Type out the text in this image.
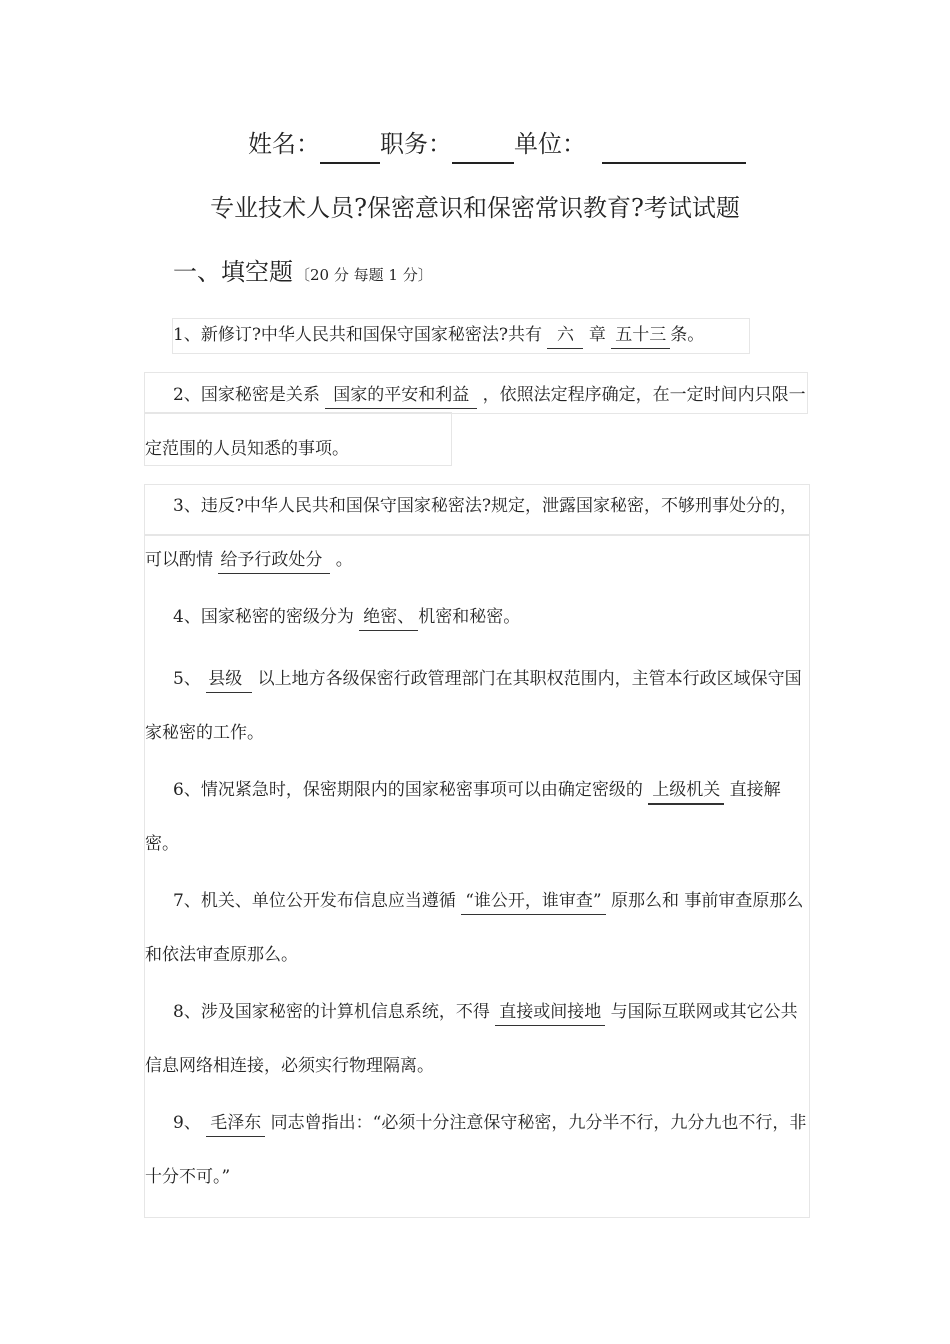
姓名：	职务：	单位：
专业技术人员?保密意识和保密常识教育?考试试题
一、填空题 〔20 分 每题 1 分〕
1、新修订?中华人民共和国保守国家秘密法?共有 六 章 五十三 条。
2、国家秘密是关系 国家的平安和利益 ，依照法定程序确定，在一定时间内只限一定范围的人员知悉的事项。
3、违反?中华人民共和国保守国家秘密法?规定，泄露国家秘密，不够刑事处分的，可以酌情 给予行政处分 。
4、国家秘密的密级分为 绝密、 机密和秘密。
5、 县级 以上地方各级保密行政管理部门在其职权范围内，主管本行政区域保守国家秘密的工作。
6、情况紧急时，保密期限内的国家秘密事项可以由确定密级的 上级机关 直接解密。
7、机关、单位公开发布信息应当遵循 “谁公开，谁审查” 原那么和 事前审查原那么和依法审查原那么。
8、涉及国家秘密的计算机信息系统，不得 直接或间接地 与国际互联网或其它公共信息网络相连接，必须实行物理隔离。
9、 毛泽东 同志曾指出：“必须十分注意保守秘密，九分半不行，九分九也不行，非十分不可。”
